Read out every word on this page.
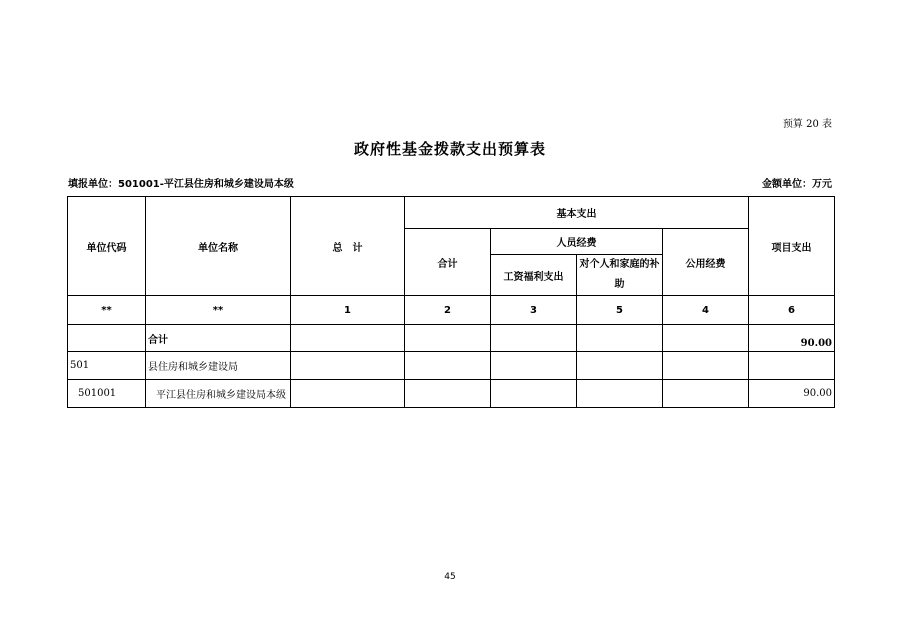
预算 20 表
政府性基金拨款支出预算表
填报单位：501001-平江县住房和城乡建设局本级	金额单位：万元
单位代码	单位名称	总　计	基本支出				项目支出
			合计	人员经费		公用经费	
				工资福利支出	对个人和家庭的补助		
**	**	1	2	3	5	4	6
	合计						90.00
501	县住房和城乡建设局						
501001	平江县住房和城乡建设局本级						90.00
45
